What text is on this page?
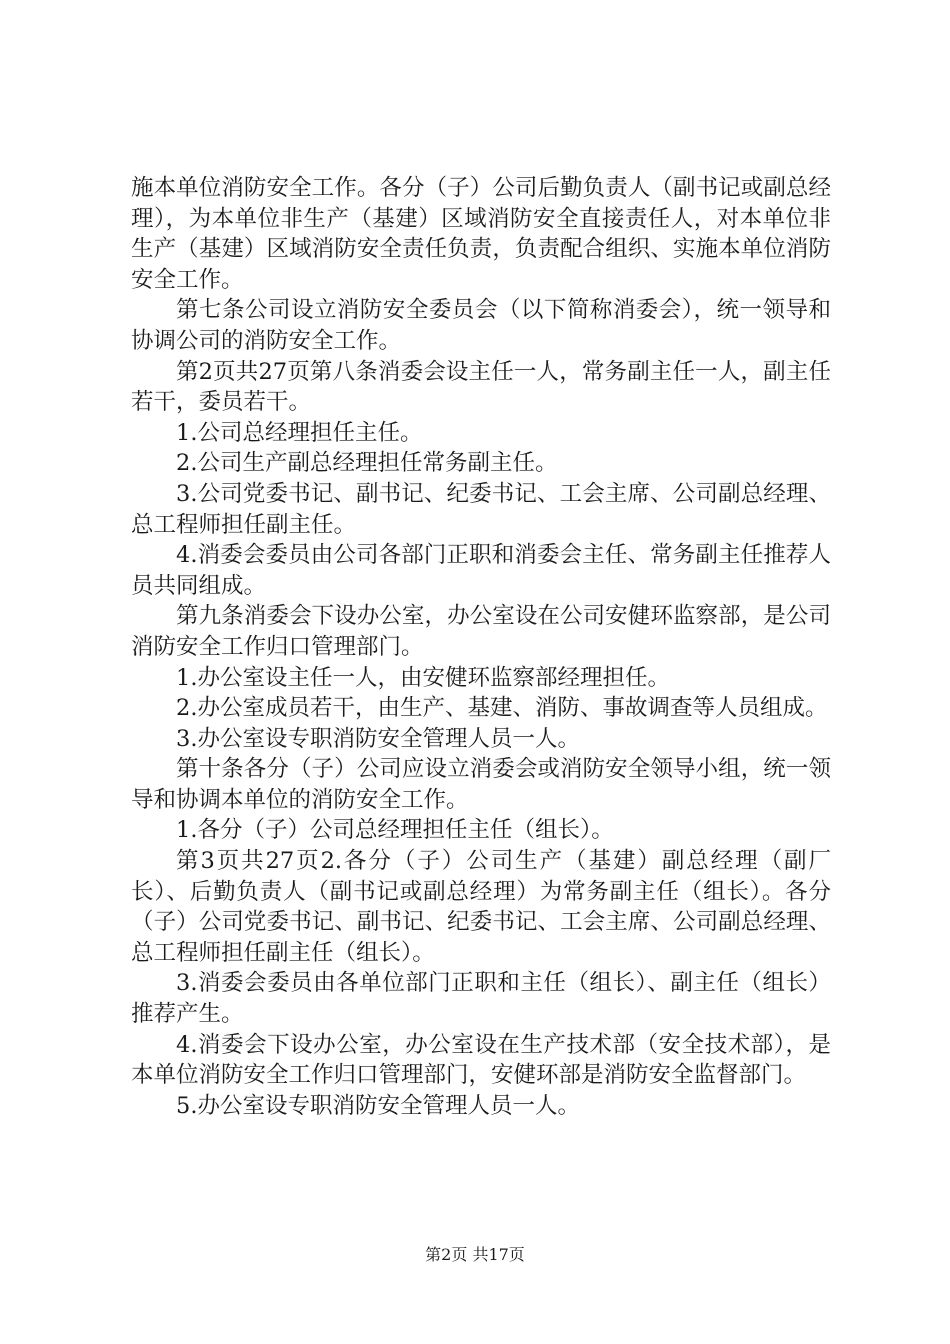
施本单位消防安全工作。各分（子）公司后勤负责人（副书记或副总经理），为本单位非生产（基建）区域消防安全直接责任人，对本单位非生产（基建）区域消防安全责任负责，负责配合组织、实施本单位消防安全工作。

第七条公司设立消防安全委员会（以下简称消委会），统一领导和协调公司的消防安全工作。

第2页共27页第八条消委会设主任一人，常务副主任一人，副主任若干，委员若干。

1.公司总经理担任主任。

2.公司生产副总经理担任常务副主任。

3.公司党委书记、副书记、纪委书记、工会主席、公司副总经理、总工程师担任副主任。

4.消委会委员由公司各部门正职和消委会主任、常务副主任推荐人员共同组成。

第九条消委会下设办公室，办公室设在公司安健环监察部，是公司消防安全工作归口管理部门。

1.办公室设主任一人，由安健环监察部经理担任。

2.办公室成员若干，由生产、基建、消防、事故调查等人员组成。

3.办公室设专职消防安全管理人员一人。

第十条各分（子）公司应设立消委会或消防安全领导小组，统一领导和协调本单位的消防安全工作。

1.各分（子）公司总经理担任主任（组长）。

第3页共27页2.各分（子）公司生产（基建）副总经理（副厂长）、后勤负责人（副书记或副总经理）为常务副主任（组长）。各分（子）公司党委书记、副书记、纪委书记、工会主席、公司副总经理、总工程师担任副主任（组长）。

3.消委会委员由各单位部门正职和主任（组长）、副主任（组长）推荐产生。

4.消委会下设办公室，办公室设在生产技术部（安全技术部），是本单位消防安全工作归口管理部门，安健环部是消防安全监督部门。

5.办公室设专职消防安全管理人员一人。

第2页 共17页
